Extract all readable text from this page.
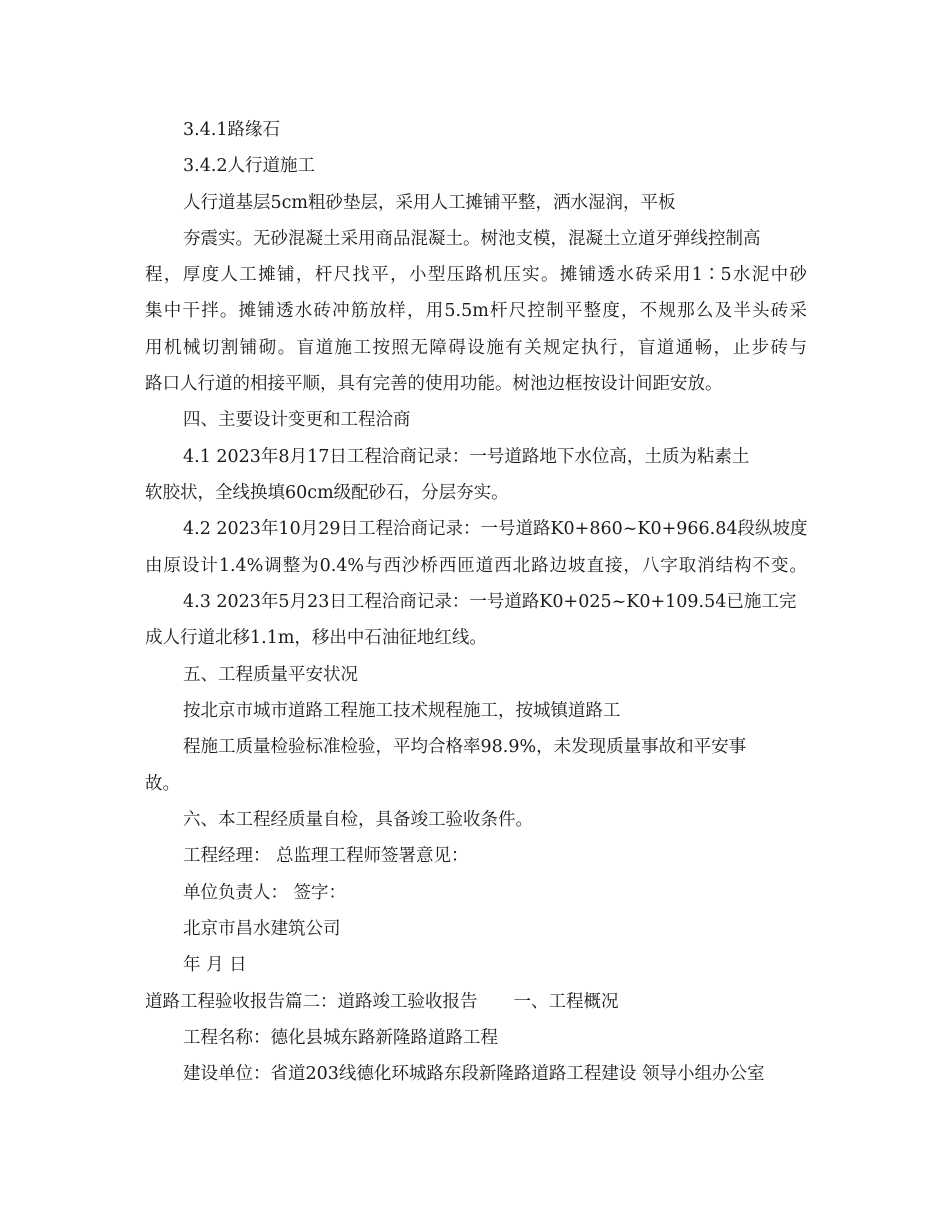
3.4.1路缘石
3.4.2人行道施工
人行道基层5cm粗砂垫层，采用人工摊铺平整，洒水湿润，平板
夯震实。无砂混凝土采用商品混凝土。树池支模，混凝土立道牙弹线控制高
程，厚度人工摊铺，杆尺找平，小型压路机压实。摊铺透水砖采用1∶5水泥中砂
集中干拌。摊铺透水砖冲筋放样，用5.5m杆尺控制平整度，不规那么及半头砖采
用机械切割铺砌。盲道施工按照无障碍设施有关规定执行，盲道通畅，止步砖与
路口人行道的相接平顺，具有完善的使用功能。树池边框按设计间距安放。
四、主要设计变更和工程洽商
4.1 2023年8月17日工程洽商记录：一号道路地下水位高，土质为粘素土
软胶状，全线换填60cm级配砂石，分层夯实。
4.2 2023年10月29日工程洽商记录：一号道路K0+860~K0+966.84段纵坡度
由原设计1.4%调整为0.4%与西沙桥西匝道西北路边坡直接，八字取消结构不变。
4.3 2023年5月23日工程洽商记录：一号道路K0+025~K0+109.54已施工完
成人行道北移1.1m，移出中石油征地红线。
五、工程质量平安状况
按北京市城市道路工程施工技术规程施工，按城镇道路工
程施工质量检验标准检验，平均合格率98.9%，未发现质量事故和平安事
故。
六、本工程经质量自检，具备竣工验收条件。
工程经理： 总监理工程师签署意见：
单位负责人： 签字：
北京市昌水建筑公司
年 月 日
道路工程验收报告篇二：道路竣工验收报告 一、工程概况
工程名称：德化县城东路新隆路道路工程
建设单位：省道203线德化环城路东段新隆路道路工程建设 领导小组办公室
